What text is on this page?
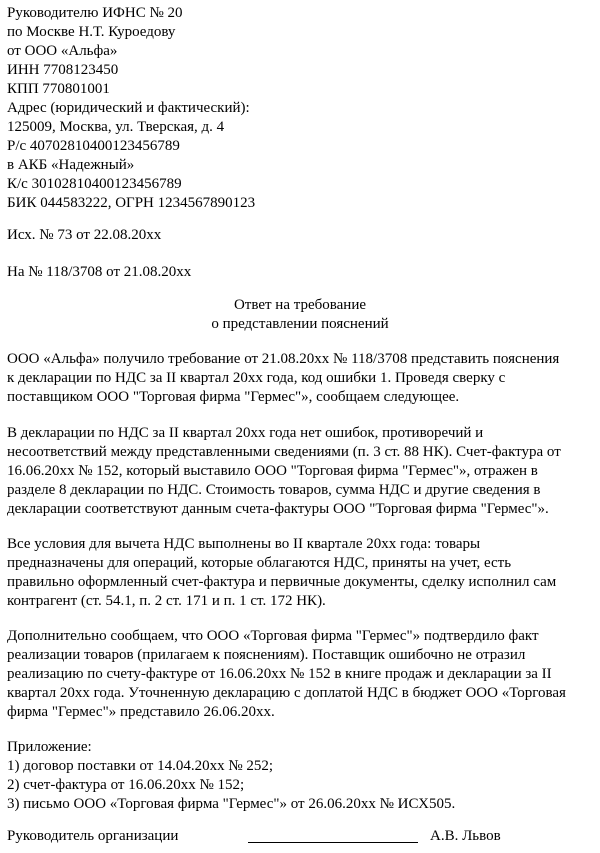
Руководителю ИФНС № 20
по Москве Н.Т. Куроедову
от ООО «Альфа»
ИНН 7708123450
КПП 770801001
Адрес (юридический и фактический):
125009, Москва, ул. Тверская, д. 4
Р/с 40702810400123456789
в АКБ «Надежный»
К/с 30102810400123456789
БИК 044583222, ОГРН 1234567890123
Исх. № 73 от 22.08.20хх
На № 118/3708 от 21.08.20хх
Ответ на требование
о представлении пояснений
ООО «Альфа» получило требование от 21.08.20хх № 118/3708 представить пояснения
к декларации по НДС за II квартал 20хх года, код ошибки 1. Проведя сверку с
поставщиком ООО "Торговая фирма "Гермес"», сообщаем следующее.
В декларации по НДС за II квартал 20хх года нет ошибок, противоречий и
несоответствий между представленными сведениями (п. 3 ст. 88 НК). Счет-фактура от
16.06.20хх № 152, который выставило ООО "Торговая фирма "Гермес"», отражен в
разделе 8 декларации по НДС. Стоимость товаров, сумма НДС и другие сведения в
декларации соответствуют данным счета-фактуры ООО "Торговая фирма "Гермес"».
Все условия для вычета НДС выполнены во II квартале 20хх года: товары
предназначены для операций, которые облагаются НДС, приняты на учет, есть
правильно оформленный счет-фактура и первичные документы, сделку исполнил сам
контрагент (ст. 54.1, п. 2 ст. 171 и п. 1 ст. 172 НК).
Дополнительно сообщаем, что ООО «Торговая фирма "Гермес"» подтвердило факт
реализации товаров (прилагаем к пояснениям). Поставщик ошибочно не отразил
реализацию по счету-фактуре от 16.06.20хх № 152 в книге продаж и декларации за II
квартал 20хх года. Уточненную декларацию с доплатой НДС в бюджет ООО «Торговая
фирма "Гермес"» представило 26.06.20хх.
Приложение:
1) договор поставки от 14.04.20хх № 252;
2) счет-фактура от 16.06.20хх № 152;
3) письмо ООО «Торговая фирма "Гермес"» от 26.06.20хх № ИСХ505.
Руководитель организации	А.В. Львов
